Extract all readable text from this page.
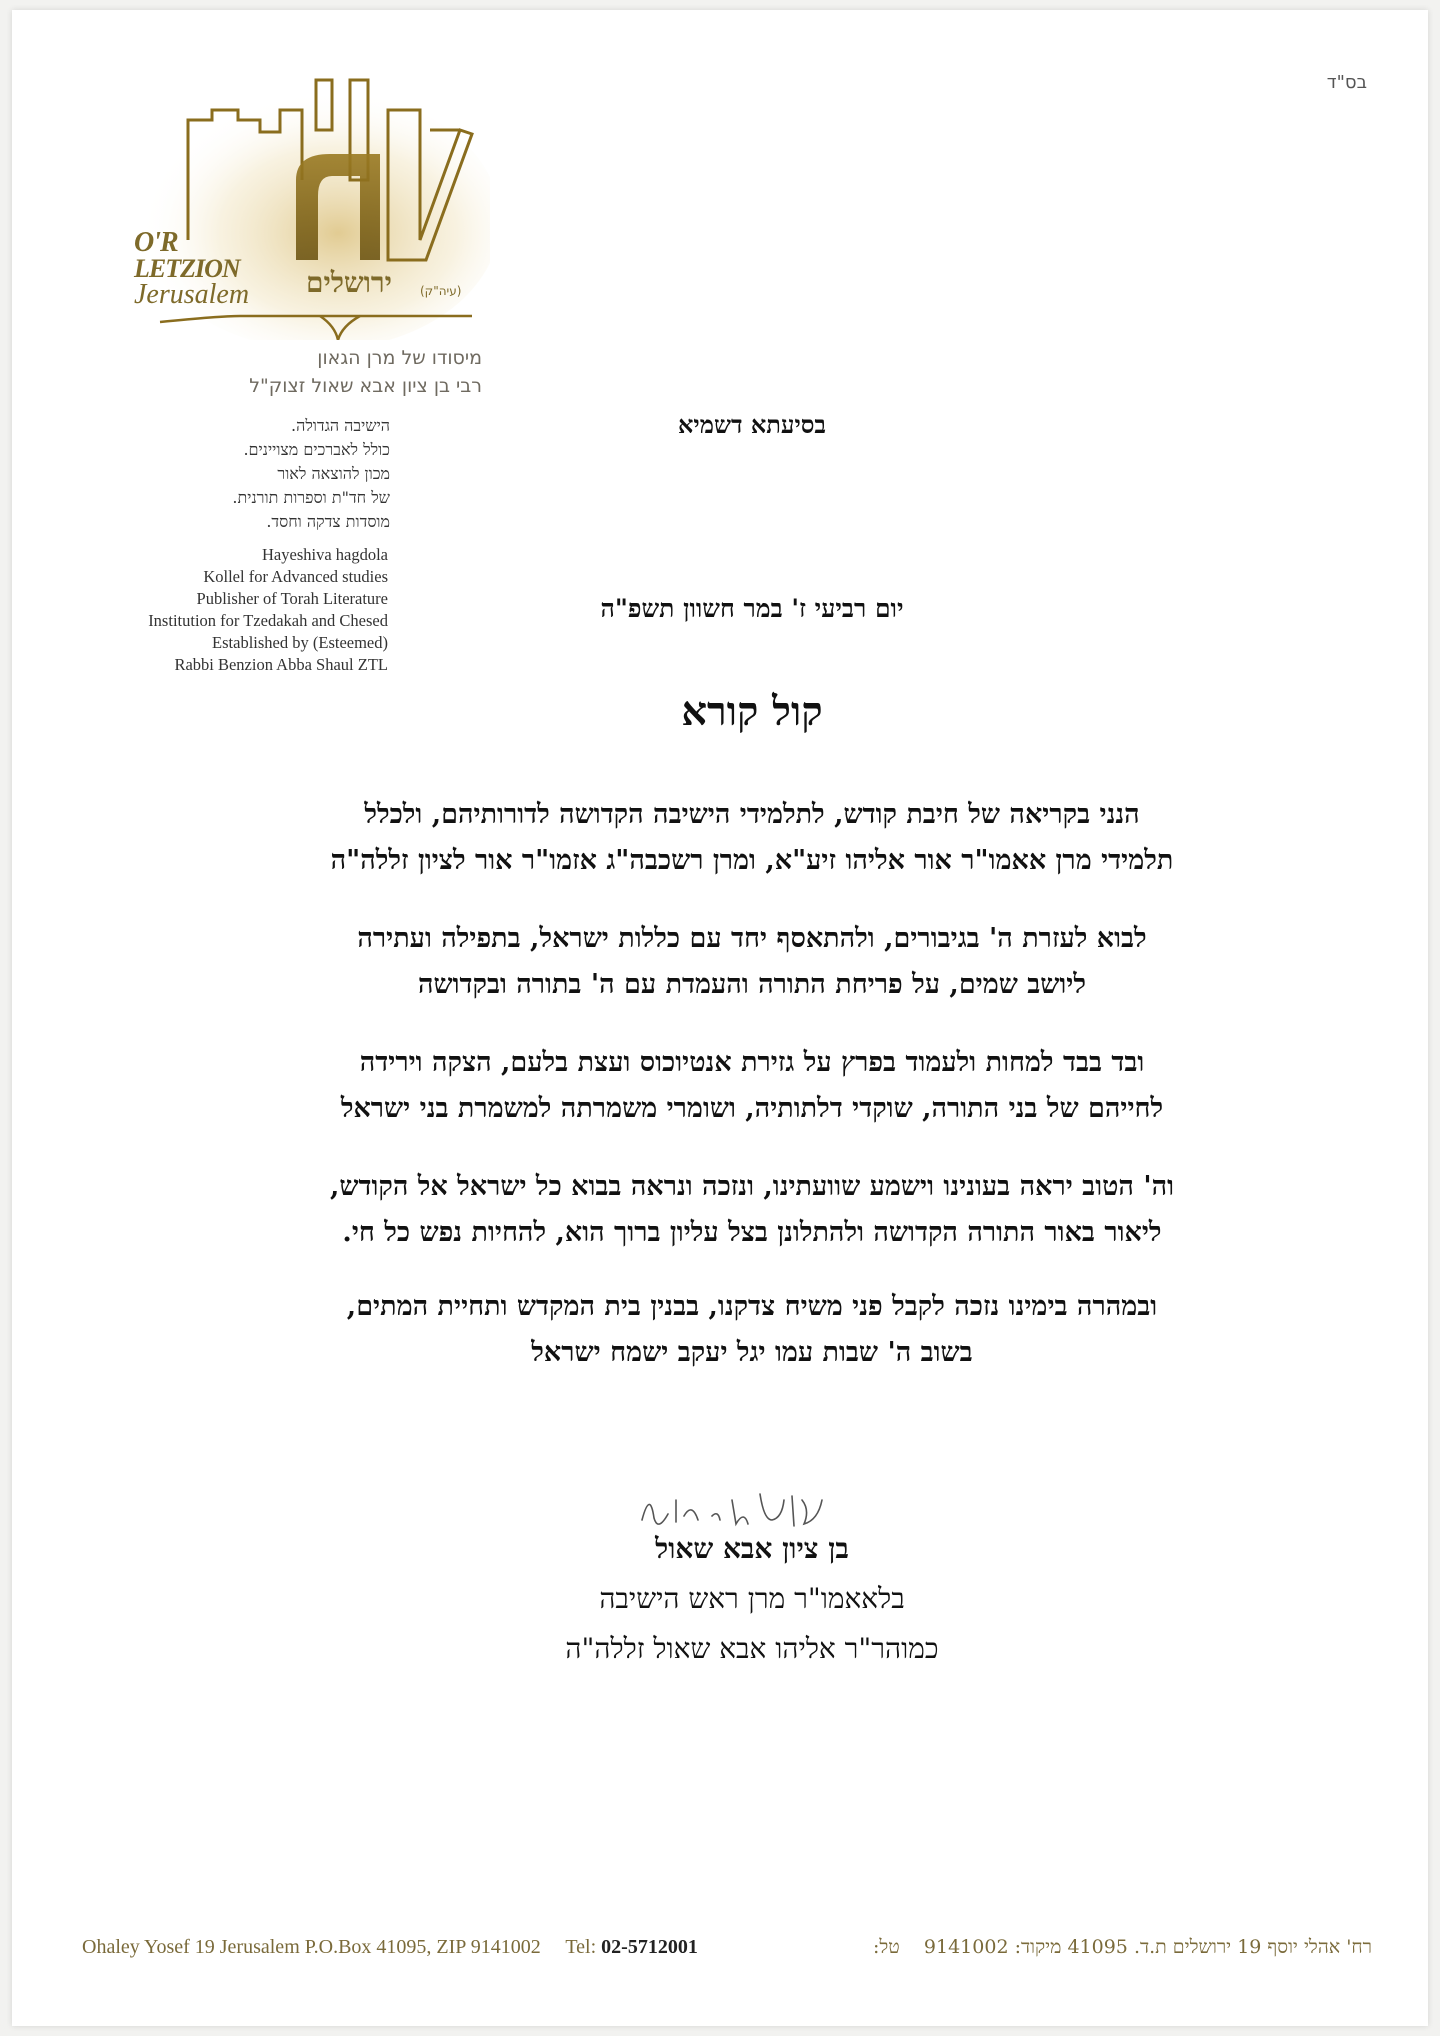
בס"ד
O'R
LETZION
Jerusalem	ירושלים	(עיה"ק)
מיסודו של מרן הגאון
רבי בן ציון אבא שאול זצוק"ל
הישיבה הגדולה.
כולל לאברכים מצויינים.
מכון להוצאה לאור
של חד"ת וספרות תורנית.
מוסדות צדקה וחסד.
Hayeshiva hagdola
Kollel for Advanced studies
Publisher of Torah Literature
Institution for Tzedakah and Chesed
Established by (Esteemed)
Rabbi Benzion Abba Shaul ZTL
בסיעתא דשמיא
יום רביעי ז' במר חשוון תשפ"ה
קול קורא
הנני בקריאה של חיבת קודש, לתלמידי הישיבה הקדושה לדורותיהם, ולכלל
תלמידי מרן אאמו"ר אור אליהו זיע"א, ומרן רשכבה"ג אזמו"ר אור לציון זללה"ה
לבוא לעזרת ה' בגיבורים, ולהתאסף יחד עם כללות ישראל, בתפילה ועתירה
ליושב שמים, על פריחת התורה והעמדת עם ה' בתורה ובקדושה
ובד בבד למחות ולעמוד בפרץ על גזירת אנטיוכוס ועצת בלעם, הצקה וירידה
לחייהם של בני התורה, שוקדי דלתותיה, ושומרי משמרתה למשמרת בני ישראל
וה' הטוב יראה בעונינו וישמע שוועתינו, ונזכה ונראה בבוא כל ישראל אל הקודש,
ליאור באור התורה הקדושה ולהתלונן בצל עליון ברוך הוא, להחיות נפש כל חי.
ובמהרה בימינו נזכה לקבל פני משיח צדקנו, בבנין בית המקדש ותחיית המתים,
בשוב ה' שבות עמו יגל יעקב ישמח ישראל
בן ציון אבא שאול
בלאאמו"ר מרן ראש הישיבה
כמוהר"ר אליהו אבא שאול זללה"ה
Ohaley Yosef 19 Jerusalem P.O.Box 41095, ZIP 9141002 Tel: 02-5712001	רח' אהלי יוסף 19 ירושלים ת.ד. 41095 מיקוד: 9141002    טל:
